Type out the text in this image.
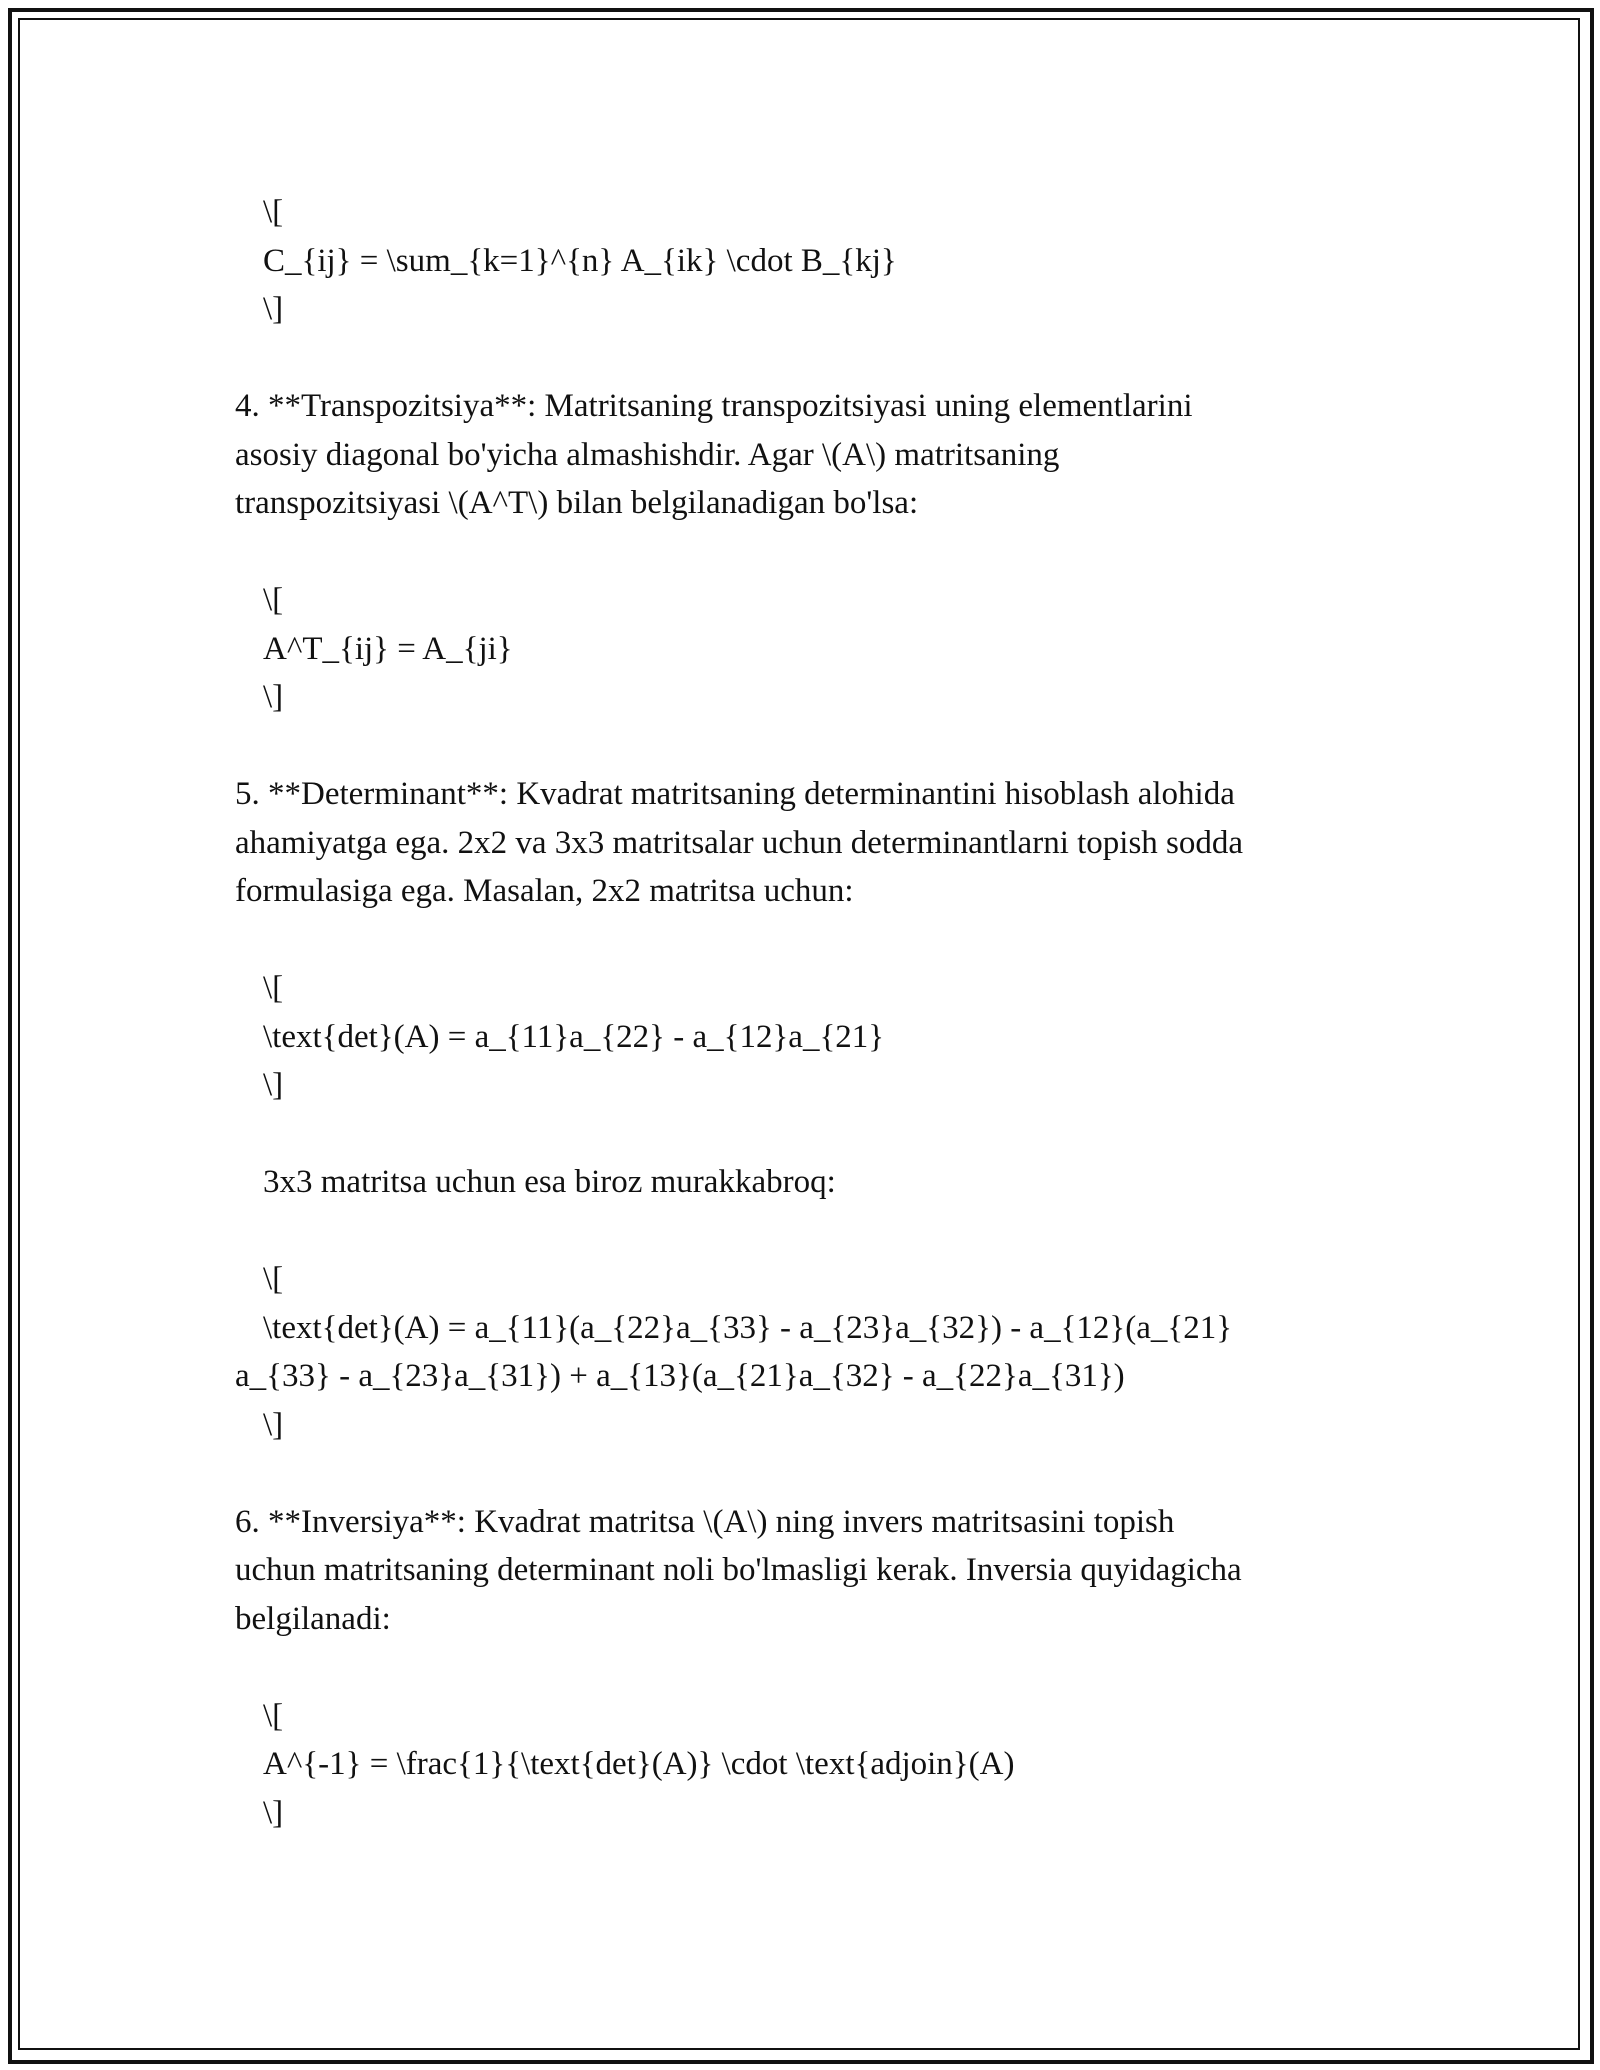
\[
C_{ij} = \sum_{k=1}^{n} A_{ik} \cdot B_{kj}
\]
4. **Transpozitsiya**: Matritsaning transpozitsiyasi uning elementlarini
asosiy diagonal bo'yicha almashishdir. Agar \(A\) matritsaning
transpozitsiyasi \(A^T\) bilan belgilanadigan bo'lsa:
\[
A^T_{ij} = A_{ji}
\]
5. **Determinant**: Kvadrat matritsaning determinantini hisoblash alohida
ahamiyatga ega. 2x2 va 3x3 matritsalar uchun determinantlarni topish sodda
formulasiga ega. Masalan, 2x2 matritsa uchun:
\[
\text{det}(A) = a_{11}a_{22} - a_{12}a_{21}
\]
3x3 matritsa uchun esa biroz murakkabroq:
\[
\text{det}(A) = a_{11}(a_{22}a_{33} - a_{23}a_{32}) - a_{12}(a_{21}
a_{33} - a_{23}a_{31}) + a_{13}(a_{21}a_{32} - a_{22}a_{31})
\]
6. **Inversiya**: Kvadrat matritsa \(A\) ning invers matritsasini topish
uchun matritsaning determinant noli bo'lmasligi kerak. Inversia quyidagicha
belgilanadi:
\[
A^{-1} = \frac{1}{\text{det}(A)} \cdot \text{adjoin}(A)
\]
